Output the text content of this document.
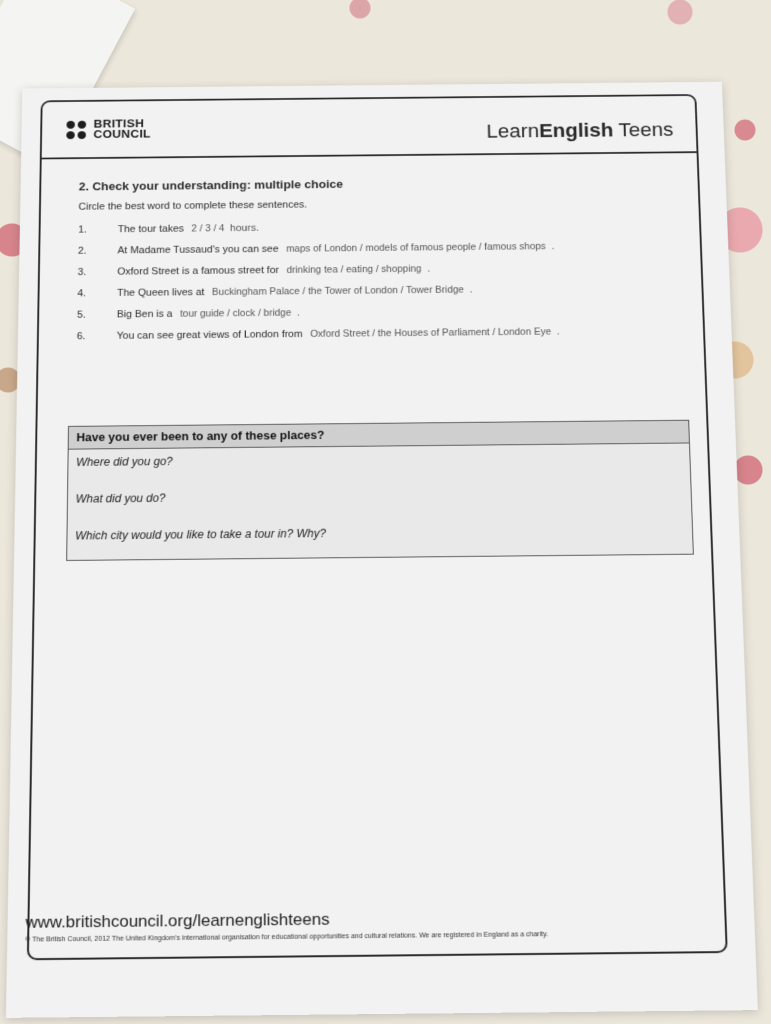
BRITISH
COUNCIL	LearnEnglish Teens
2. Check your understanding: multiple choice
Circle the best word to complete these sentences.
1.	The tour takes 2 / 3 / 4 hours.
2.	At Madame Tussaud's you can see maps of London / models of famous people / famous shops .
3.	Oxford Street is a famous street for drinking tea / eating / shopping .
4.	The Queen lives at Buckingham Palace / the Tower of London / Tower Bridge .
5.	Big Ben is a tour guide / clock / bridge .
6.	You can see great views of London from Oxford Street / the Houses of Parliament / London Eye .
Have you ever been to any of these places?
Where did you go?
What did you do?
Which city would you like to take a tour in? Why?
www.britishcouncil.org/learnenglishteens
© The British Council, 2012 The United Kingdom's international organisation for educational opportunities and cultural relations. We are registered in England as a charity.
